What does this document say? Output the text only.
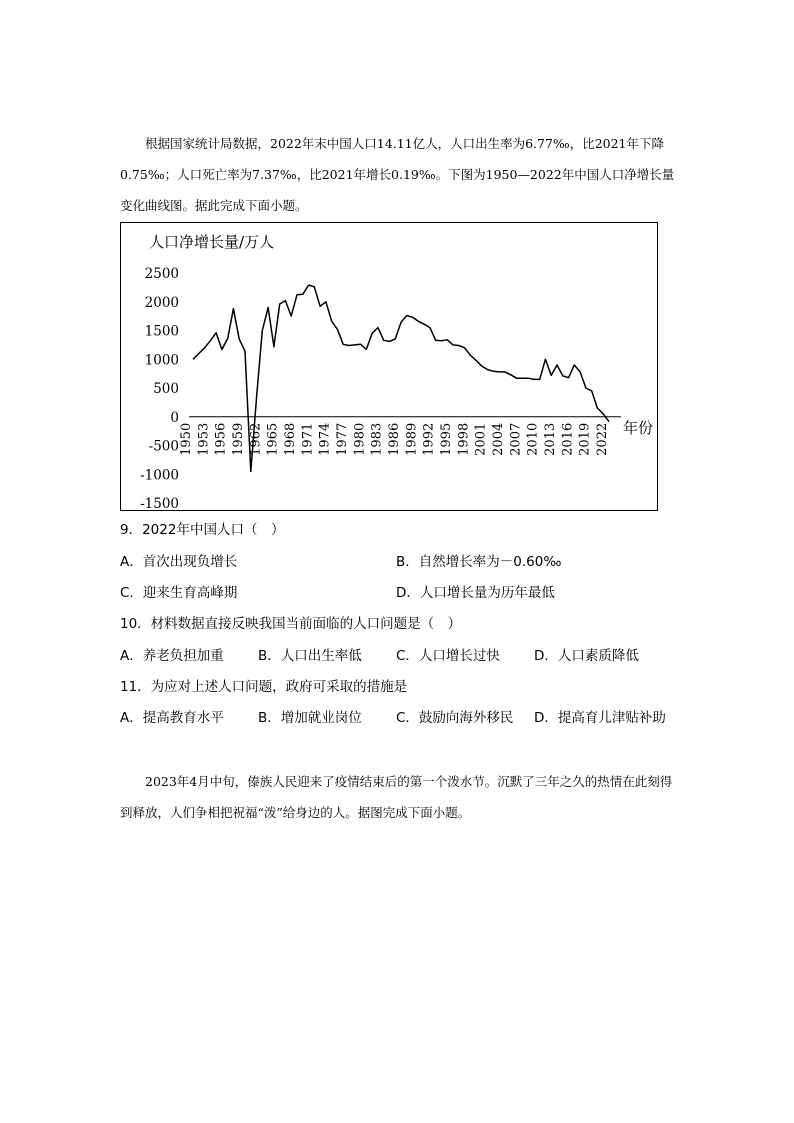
根据国家统计局数据，2022年末中国人口14.11亿人，人口出生率为6.77‰，比2021年下降0.75‰；人口死亡率为7.37‰，比2021年增长0.19‰。下图为1950—2022年中国人口净增长量变化曲线图。据此完成下面小题。

人口净增长量/万人
2500
2000
1500
1000
500
0
-500
-1000
-1500
年份
1950 1953 1956 1959 1962 1965 1968 1971 1974 1977 1980 1983 1986 1989 1992 1995 1998 2001 2004 2007 2010 2013 2016 2019 2022
9．2022年中国人口（　）
A．首次出现负增长	B．自然增长率为－0.60‰
C．迎来生育高峰期	D．人口增长量为历年最低
10．材料数据直接反映我国当前面临的人口问题是（　）
A．养老负担加重	B．人口出生率低	C．人口增长过快	D．人口素质降低
11．为应对上述人口问题，政府可采取的措施是
A．提高教育水平	B．增加就业岗位	C．鼓励向海外移民 D．提高育儿津贴补助

2023年4月中旬，傣族人民迎来了疫情结束后的第一个泼水节。沉默了三年之久的热情在此刻得到释放，人们争相把祝福“泼”给身边的人。据图完成下面小题。
